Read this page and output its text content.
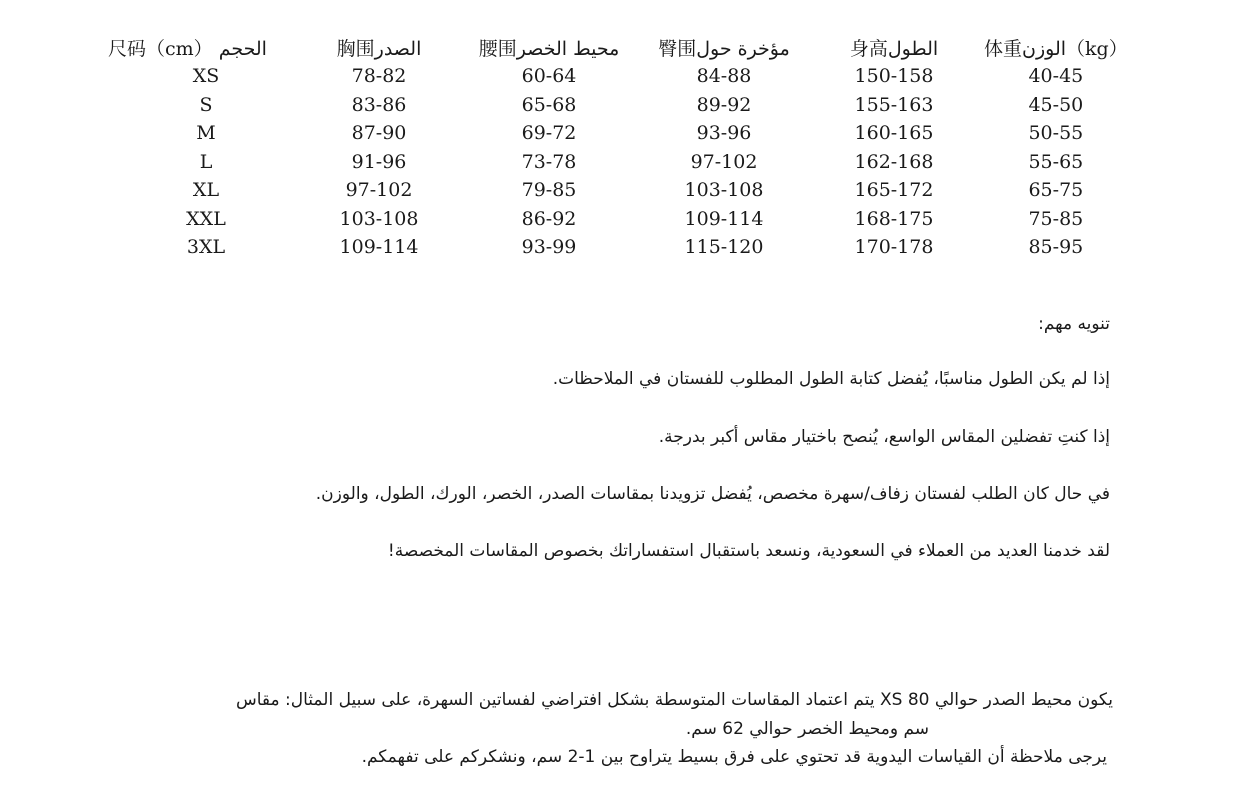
尺码（cm） الحجم	胸围الصدر	腰围محيط الخصر	臀围مؤخرة حول	身高الطول	体重الوزن（kg）
XS	78-82	60-64	84-88	150-158	40-45
S	83-86	65-68	89-92	155-163	45-50
M	87-90	69-72	93-96	160-165	50-55
L	91-96	73-78	97-102	162-168	55-65
XL	97-102	79-85	103-108	165-172	65-75
XXL	103-108	86-92	109-114	168-175	75-85
3XL	109-114	93-99	115-120	170-178	85-95
تنويه مهم:
إذا لم يكن الطول مناسبًا، يُفضل كتابة الطول المطلوب للفستان في الملاحظات.
إذا كنتِ تفضلين المقاس الواسع، يُنصح باختيار مقاس أكبر بدرجة.
في حال كان الطلب لفستان زفاف/سهرة مخصص، يُفضل تزويدنا بمقاسات الصدر، الخصر، الورك، الطول، والوزن.
لقد خدمنا العديد من العملاء في السعودية، ونسعد باستقبال استفساراتك بخصوص المقاسات المخصصة!
يكون محيط الصدر حوالي 80 XS يتم اعتماد المقاسات المتوسطة بشكل افتراضي لفساتين السهرة، على سبيل المثال: مقاس
سم ومحيط الخصر حوالي 62 سم.
يرجى ملاحظة أن القياسات اليدوية قد تحتوي على فرق بسيط يتراوح بين 1-2 سم، ونشكركم على تفهمكم.
